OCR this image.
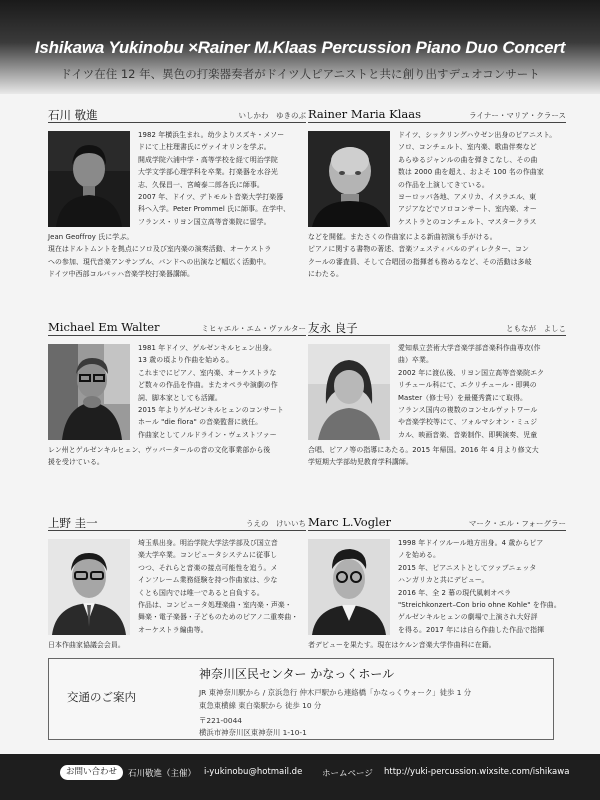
Ishikawa Yukinobu ×Rainer M.Klaas Percussion Piano Duo Concert
ドイツ在住 12 年、異色の打楽器奏者がドイツ人ピアニストと共に創り出すデュオコンサート
石川 敬進	いしかわ　ゆきのぶ
1982 年横浜生まれ。幼少よりスズキ・メソー
ドにて上柱理書氏にヴァイオリンを学ぶ。
開成学院六浦中学・高等学校を経て明治学院
大学文学部心理学科を卒業。打楽器を水谷光
志、久保昌一、宮崎泰二郎各氏に師事。
2007 年、ドイツ、デトモルト音楽大学打楽器
科へ入学。Peter Prommel 氏に師事。在学中、
フランス・リヨン国立高等音楽院に留学。
Jean Geoffroy 氏に学ぶ。
現在はドルトムントを拠点にソロ及び室内楽の演奏活動、オーケストラ
への参加、現代音楽アンサンブル、バンドへの出演など幅広く活動中。
ドイツ中西部コルバッハ音楽学校打楽器講師。
Rainer Maria Klaas	ライナー・マリア・クラース
ドイツ、シックリングハウゼン出身のピアニスト。
ソロ、コンチェルト、室内楽、歌曲伴奏など
あらゆるジャンルの曲を弾きこなし、その曲
数は 2000 曲を超え、およそ 100 名の作曲家
の作品を上演してきている。
ヨーロッパ各地、アメリカ、イスラエル、東
アジアなどでソロコンサート、室内楽、オー
ケストラとのコンチェルト、マスタークラス
などを開催。またさくの作曲家による新曲初演も手がける。
ピアノに関する書物の著述、音楽フェスティバルのディレクター、コン
クールの審査員、そして合唱団の指揮者も務めるなど、その活動は多岐
にわたる。
Michael Em Walter	ミヒャエル・エム・ヴァルター
1981 年ドイツ、ゲルゼンキルヒェン出身。
13 歳の頃より作曲を始める。
これまでにピアノ、室内楽、オーケストラな
ど数々の作品を作曲。またオペラや演劇の作
詞、脚本家としても活躍。
2015 年よりゲルゼンキルヒェンのコンサート
ホール "die flora" の音楽監督に就任。
作曲家としてノルドライン・ヴェストファー
レン州とゲルゼンキルヒェン、ヴッパータールの音の文化事業部から後
援を受けている。
友永 良子	ともなが　よしこ
愛知県立芸術大学音楽学部音楽科作曲専攻(作
曲）卒業。
2002 年に渡仏後、リヨン国立高等音楽院エク
リチュール科にて、エクリチュール・即興の
Master（修士号）を最優秀賞にて取得。
フランス国内の複数のコンセルヴァトワール
や音楽学校等にて、フォルマシオン・ミュジ
カル、映画音楽、音楽制作、即興演奏、児童
合唱、ピアノ等の指導にあたる。2015 年帰国。2016 年 4 月より修文大
学短期大学部幼児教育学科講師。
上野 圭一	うえの　けいいち
埼玉県出身。明治学院大学法学部及び国立音
楽大学卒業。コンピュータシステムに従事し
つつ、それらと音楽の接点可能性を追う。メ
インフレーム業務経験を持つ作曲家は、少な
くとも国内では唯一であると自負する。
作品は、コンピュータ処理楽曲・室内楽・声楽・
舞楽・電子楽器・子どものためのピアノ二重奏曲・
オーケストラ編曲等。
日本作曲家協議会会員。
Marc L.Vogler	マーク・エル・フォーグラー
1998 年ドイツルール地方出身。4 歳からピア
ノを始める。
2015 年、ピアニストとしてツァブニェッタ
ハンガリカと共にデビュー。
2016 年、全 2 幕の現代風刺オペラ
"Streichkonzert–Con brio ohne Kohle" を作曲。
ゲルゼンキルヒェンの劇場で上演され大好評
を得る。2017 年には自ら作曲した作品で指揮
者デビューを果たす。現在はケルン音楽大学作曲科に在籍。
交通のご案内
神奈川区民センター かなっくホール
JR 東神奈川駅から / 京浜急行 仲木戸駅から連絡橋「かなっくウォーク」徒歩 1 分
東急東横線 東白楽駅から 徒歩 10 分
〒221-0044
横浜市神奈川区東神奈川 1-10-1
お問い合わせ	石川敬進（主催） i-yukinobu@hotmail.de ホームページ http://yuki-percussion.wixsite.com/ishikawa
